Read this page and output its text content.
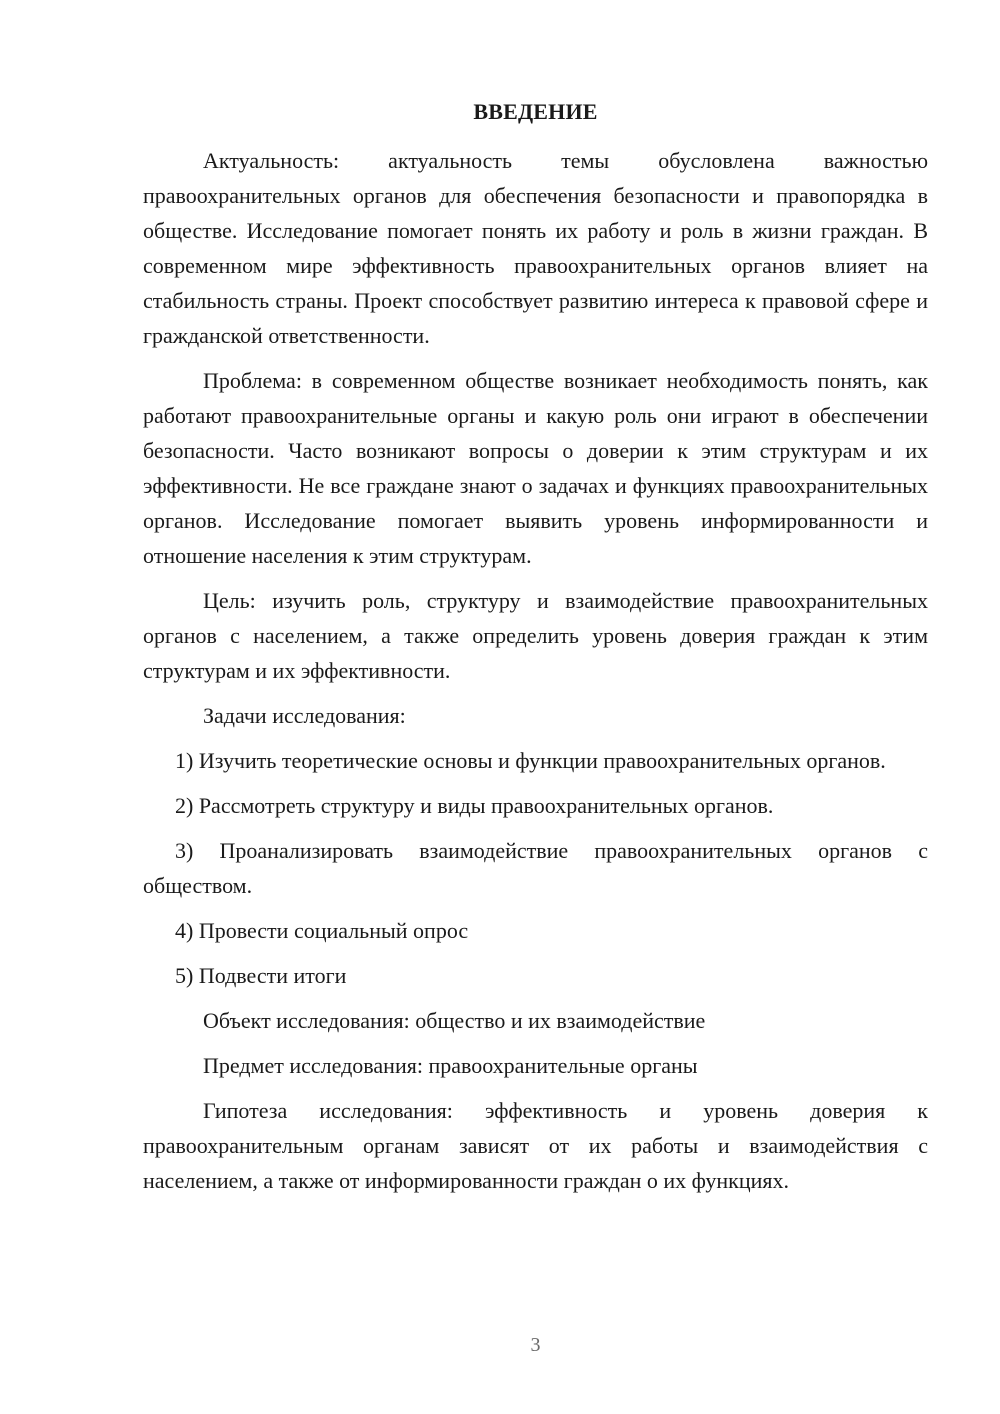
ВВЕДЕНИЕ

Актуальность: актуальность темы обусловлена важностью правоохранительных органов для обеспечения безопасности и правопорядка в обществе. Исследование помогает понять их работу и роль в жизни граждан. В современном мире эффективность правоохранительных органов влияет на стабильность страны. Проект способствует развитию интереса к правовой сфере и гражданской ответственности.

Проблема: в современном обществе возникает необходимость понять, как работают правоохранительные органы и какую роль они играют в обеспечении безопасности. Часто возникают вопросы о доверии к этим структурам и их эффективности. Не все граждане знают о задачах и функциях правоохранительных органов. Исследование помогает выявить уровень информированности и отношение населения к этим структурам.

Цель: изучить роль, структуру и взаимодействие правоохранительных органов с населением, а также определить уровень доверия граждан к этим структурам и их эффективности.

Задачи исследования:

1) Изучить теоретические основы и функции правоохранительных органов.

2) Рассмотреть структуру и виды правоохранительных органов.

3) Проанализировать взаимодействие правоохранительных органов с обществом.

4) Провести социальный опрос

5) Подвести итоги

Объект исследования: общество и их взаимодействие

Предмет исследования: правоохранительные органы

Гипотеза исследования: эффективность и уровень доверия к правоохранительным органам зависят от их работы и взаимодействия с населением, а также от информированности граждан о их функциях.

3
